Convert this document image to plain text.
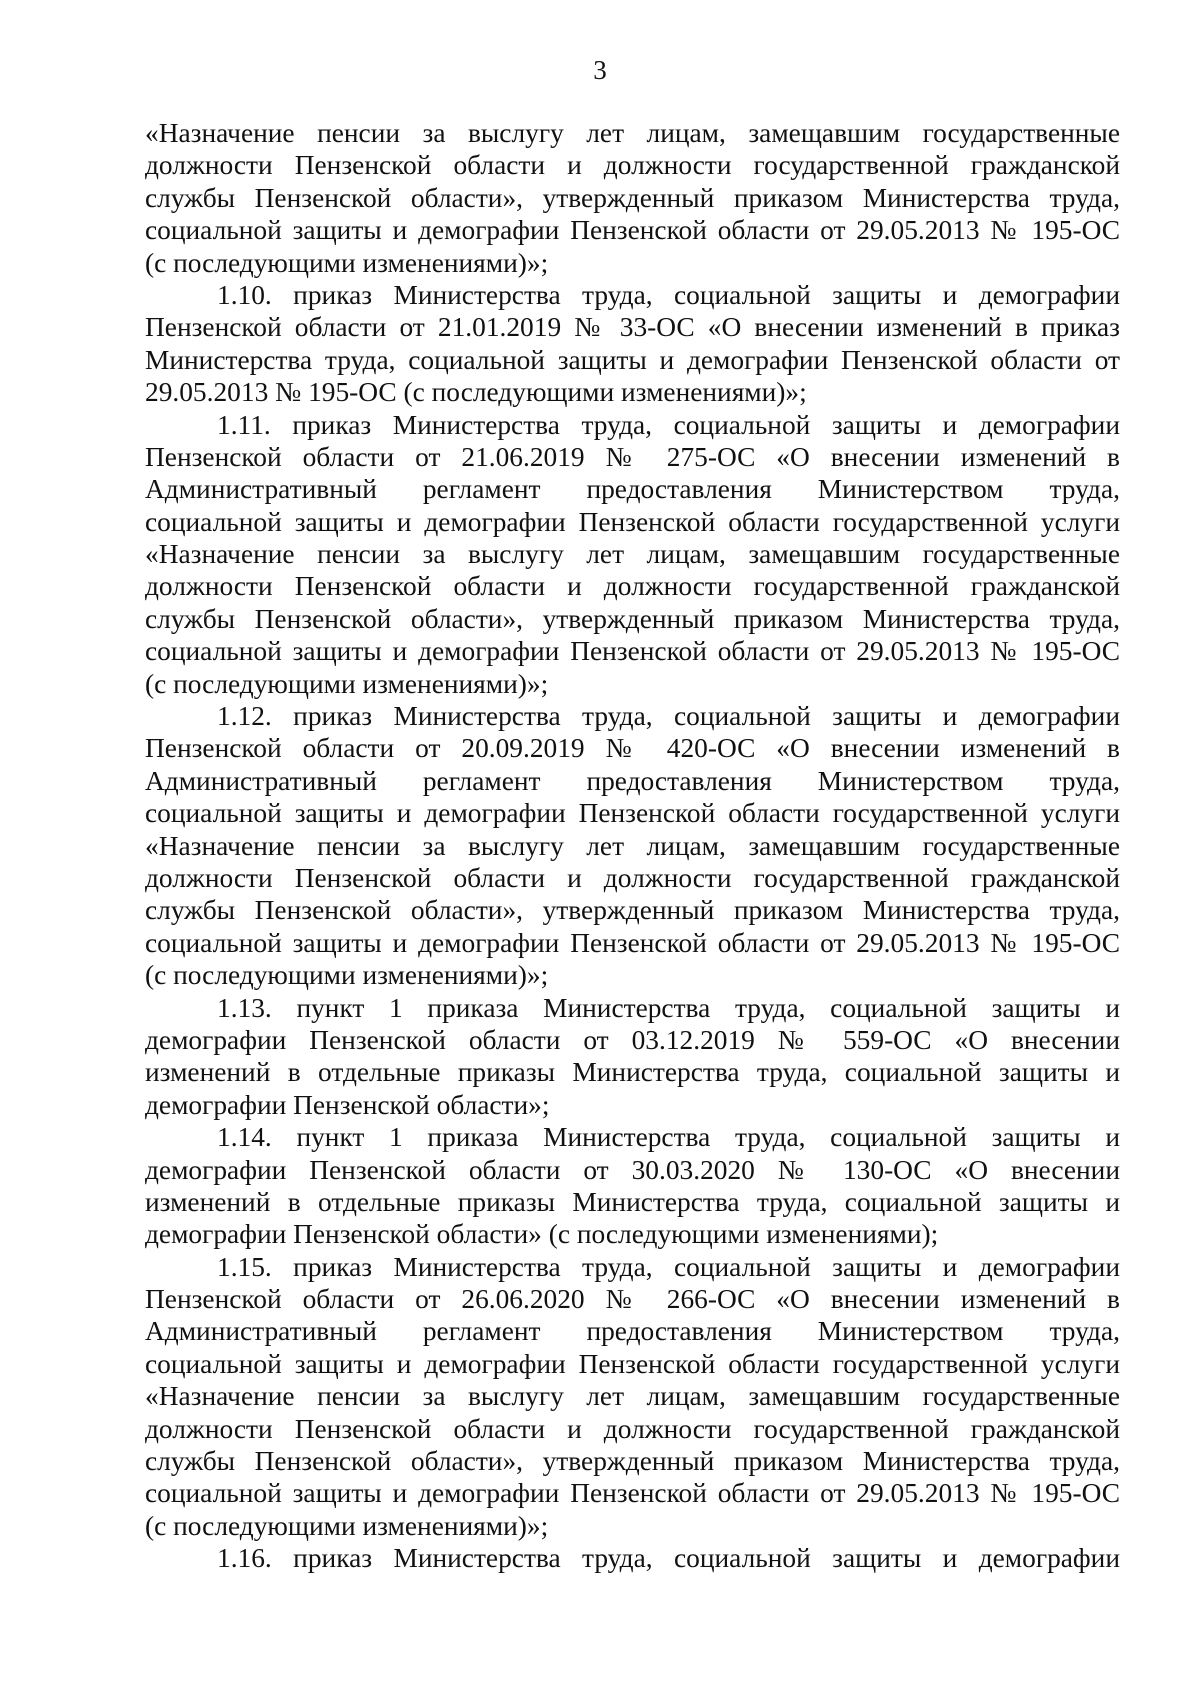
3
«Назначение пенсии за выслугу лет лицам, замещавшим государственные
должности Пензенской области и должности государственной гражданской
службы Пензенской области», утвержденный приказом Министерства труда,
социальной защиты и демографии Пензенской области от 29.05.2013 № 195-ОС
(с последующими изменениями)»;
1.10. приказ Министерства труда, социальной защиты и демографии
Пензенской области от 21.01.2019 № 33-ОС «О внесении изменений в приказ
Министерства труда, социальной защиты и демографии Пензенской области от
29.05.2013 № 195-ОС (с последующими изменениями)»;
1.11. приказ Министерства труда, социальной защиты и демографии
Пензенской области от 21.06.2019 № 275-ОС «О внесении изменений в
Административный регламент предоставления Министерством труда,
социальной защиты и демографии Пензенской области государственной услуги
«Назначение пенсии за выслугу лет лицам, замещавшим государственные
должности Пензенской области и должности государственной гражданской
службы Пензенской области», утвержденный приказом Министерства труда,
социальной защиты и демографии Пензенской области от 29.05.2013 № 195-ОС
(с последующими изменениями)»;
1.12. приказ Министерства труда, социальной защиты и демографии
Пензенской области от 20.09.2019 № 420-ОС «О внесении изменений в
Административный регламент предоставления Министерством труда,
социальной защиты и демографии Пензенской области государственной услуги
«Назначение пенсии за выслугу лет лицам, замещавшим государственные
должности Пензенской области и должности государственной гражданской
службы Пензенской области», утвержденный приказом Министерства труда,
социальной защиты и демографии Пензенской области от 29.05.2013 № 195-ОС
(с последующими изменениями)»;
1.13. пункт 1 приказа Министерства труда, социальной защиты и
демографии Пензенской области от 03.12.2019 № 559-ОС «О внесении
изменений в отдельные приказы Министерства труда, социальной защиты и
демографии Пензенской области»;
1.14. пункт 1 приказа Министерства труда, социальной защиты и
демографии Пензенской области от 30.03.2020 № 130-ОС «О внесении
изменений в отдельные приказы Министерства труда, социальной защиты и
демографии Пензенской области» (с последующими изменениями);
1.15. приказ Министерства труда, социальной защиты и демографии
Пензенской области от 26.06.2020 № 266-ОС «О внесении изменений в
Административный регламент предоставления Министерством труда,
социальной защиты и демографии Пензенской области государственной услуги
«Назначение пенсии за выслугу лет лицам, замещавшим государственные
должности Пензенской области и должности государственной гражданской
службы Пензенской области», утвержденный приказом Министерства труда,
социальной защиты и демографии Пензенской области от 29.05.2013 № 195-ОС
(с последующими изменениями)»;
1.16. приказ Министерства труда, социальной защиты и демографии
